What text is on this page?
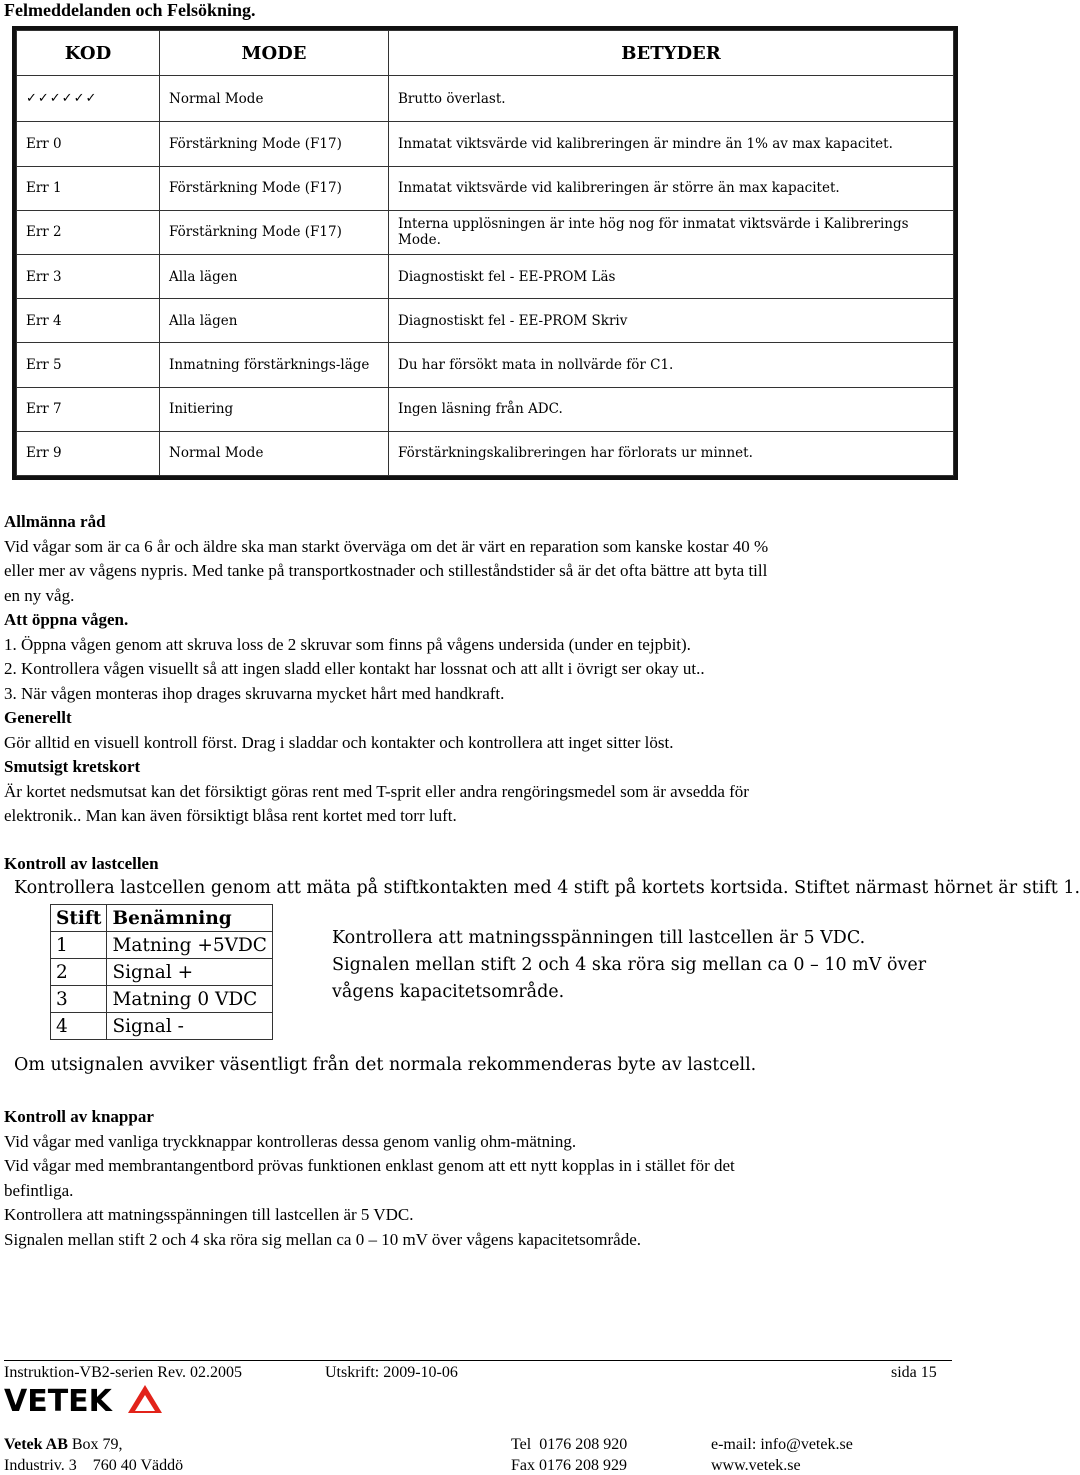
Felmeddelanden och Felsökning.
KOD	MODE	BETYDER
✓✓✓✓✓✓	Normal Mode	Brutto överlast.
Err 0	Förstärkning Mode (F17)	Inmatat viktsvärde vid kalibreringen är mindre än 1% av max kapacitet.
Err 1	Förstärkning Mode (F17)	Inmatat viktsvärde vid kalibreringen är större än max kapacitet.
Err 2	Förstärkning Mode (F17)	Interna upplösningen är inte hög nog för inmatat viktsvärde i Kalibrerings Mode.
Err 3	Alla lägen	Diagnostiskt fel - EE-PROM Läs
Err 4	Alla lägen	Diagnostiskt fel - EE-PROM Skriv
Err 5	Inmatning förstärknings-läge	Du har försökt mata in nollvärde för C1.
Err 7	Initiering	Ingen läsning från ADC.
Err 9	Normal Mode	Förstärkningskalibreringen har förlorats ur minnet.
Allmänna råd
Vid vågar som är ca 6 år och äldre ska man starkt överväga om det är värt en reparation som kanske kostar 40 %
eller mer av vågens nypris. Med tanke på transportkostnader och stilleståndstider så är det ofta bättre att byta till
en ny våg.
Att öppna vågen.
1. Öppna vågen genom att skruva loss de 2 skruvar som finns på vågens undersida (under en tejpbit).
2. Kontrollera vågen visuellt så att ingen sladd eller kontakt har lossnat och att allt i övrigt ser okay ut..
3. När vågen monteras ihop drages skruvarna mycket hårt med handkraft.
Generellt
Gör alltid en visuell kontroll först. Drag i sladdar och kontakter och kontrollera att inget sitter löst.
Smutsigt kretskort
Är kortet nedsmutsat kan det försiktigt göras rent med T-sprit eller andra rengöringsmedel som är avsedda för
elektronik.. Man kan även försiktigt blåsa rent kortet med torr luft.
Kontroll av lastcellen
Kontrollera lastcellen genom att mäta på stiftkontakten med 4 stift på kortets kortsida. Stiftet närmast hörnet är stift 1.
Stift	Benämning
1	Matning +5VDC
2	Signal +
3	Matning 0 VDC
4	Signal -
Kontrollera att matningsspänningen till lastcellen är 5 VDC.
Signalen mellan stift 2 och 4 ska röra sig mellan ca 0 – 10 mV över
vågens kapacitetsområde.
Om utsignalen avviker väsentligt från det normala rekommenderas byte av lastcell.
Kontroll av knappar
Vid vågar med vanliga tryckknappar kontrolleras dessa genom vanlig ohm-mätning.
Vid vågar med membrantangentbord prövas funktionen enklast genom att ett nytt kopplas in i stället för det
befintliga.
Kontrollera att matningsspänningen till lastcellen är 5 VDC.
Signalen mellan stift 2 och 4 ska röra sig mellan ca 0 – 10 mV över vågens kapacitetsområde.
Instruktion-VB2-serien Rev. 02.2005	Utskrift: 2009-10-06	sida 15
VETEK
Vetek AB Box 79,
Industriv. 3    760 40 Väddö
Tel  0176 208 920
Fax 0176 208 929
e-mail: info@vetek.se
www.vetek.se
